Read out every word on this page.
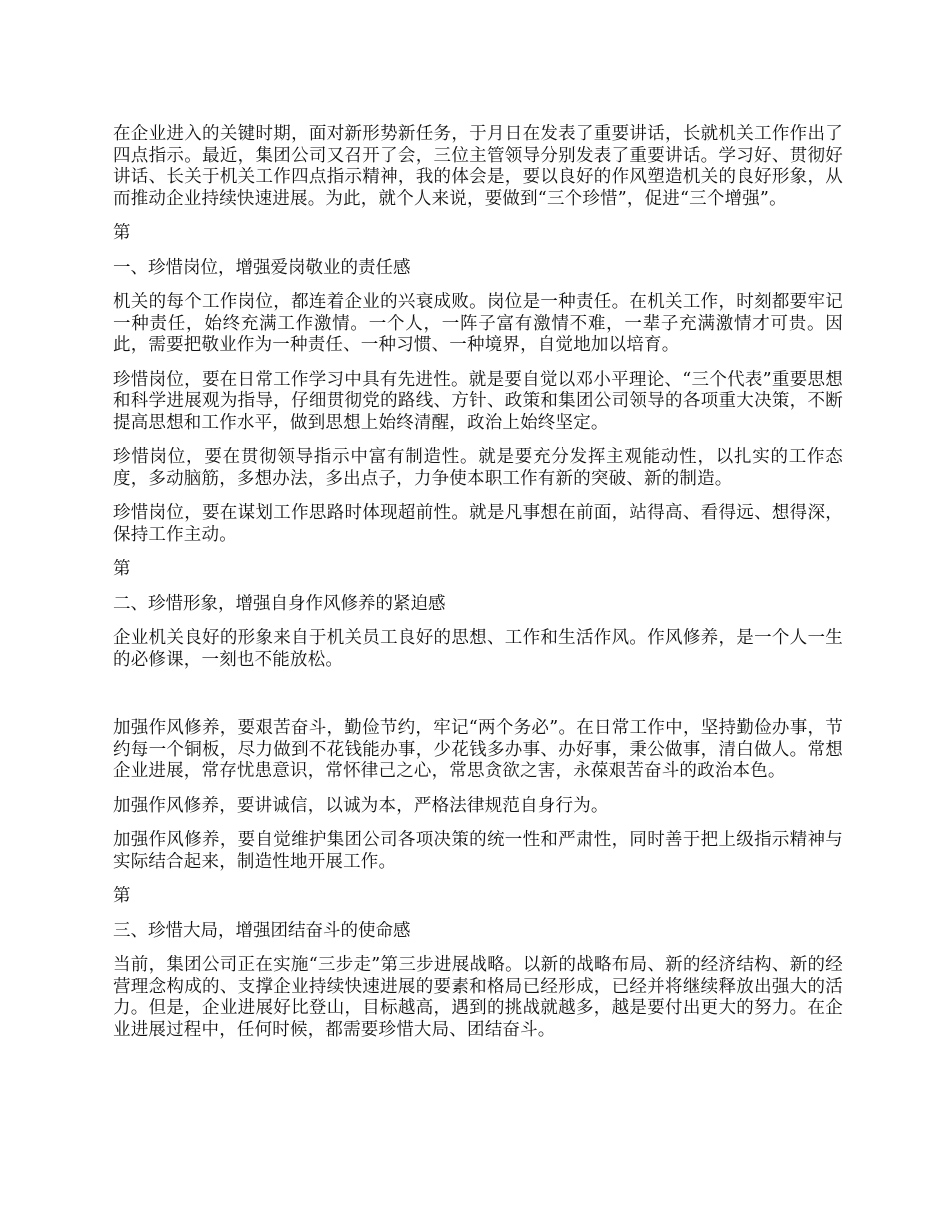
在企业进入的关键时期，面对新形势新任务，于月日在发表了重要讲话，长就机关工作作出了四点指示。最近，集团公司又召开了会，三位主管领导分别发表了重要讲话。学习好、贯彻好讲话、长关于机关工作四点指示精神，我的体会是，要以良好的作风塑造机关的良好形象，从而推动企业持续快速进展。为此，就个人来说，要做到“三个珍惜”，促进“三个增强”。

第

一、珍惜岗位，增强爱岗敬业的责任感

机关的每个工作岗位，都连着企业的兴衰成败。岗位是一种责任。在机关工作，时刻都要牢记一种责任，始终充满工作激情。一个人，一阵子富有激情不难，一辈子充满激情才可贵。因此，需要把敬业作为一种责任、一种习惯、一种境界，自觉地加以培育。

珍惜岗位，要在日常工作学习中具有先进性。就是要自觉以邓小平理论、“三个代表”重要思想和科学进展观为指导，仔细贯彻党的路线、方针、政策和集团公司领导的各项重大决策，不断提高思想和工作水平，做到思想上始终清醒，政治上始终坚定。

珍惜岗位，要在贯彻领导指示中富有制造性。就是要充分发挥主观能动性，以扎实的工作态度，多动脑筋，多想办法，多出点子，力争使本职工作有新的突破、新的制造。

珍惜岗位，要在谋划工作思路时体现超前性。就是凡事想在前面，站得高、看得远、想得深，保持工作主动。

第

二、珍惜形象，增强自身作风修养的紧迫感

企业机关良好的形象来自于机关员工良好的思想、工作和生活作风。作风修养，是一个人一生的必修课，一刻也不能放松。

加强作风修养，要艰苦奋斗，勤俭节约，牢记“两个务必”。在日常工作中，坚持勤俭办事，节约每一个铜板，尽力做到不花钱能办事，少花钱多办事、办好事，秉公做事，清白做人。常想企业进展，常存忧患意识，常怀律己之心，常思贪欲之害，永葆艰苦奋斗的政治本色。

加强作风修养，要讲诚信，以诚为本，严格法律规范自身行为。

加强作风修养，要自觉维护集团公司各项决策的统一性和严肃性，同时善于把上级指示精神与实际结合起来，制造性地开展工作。

第

三、珍惜大局，增强团结奋斗的使命感

当前，集团公司正在实施“三步走”第三步进展战略。以新的战略布局、新的经济结构、新的经营理念构成的、支撑企业持续快速进展的要素和格局已经形成，已经并将继续释放出强大的活力。但是，企业进展好比登山，目标越高，遇到的挑战就越多，越是要付出更大的努力。在企业进展过程中，任何时候，都需要珍惜大局、团结奋斗。
